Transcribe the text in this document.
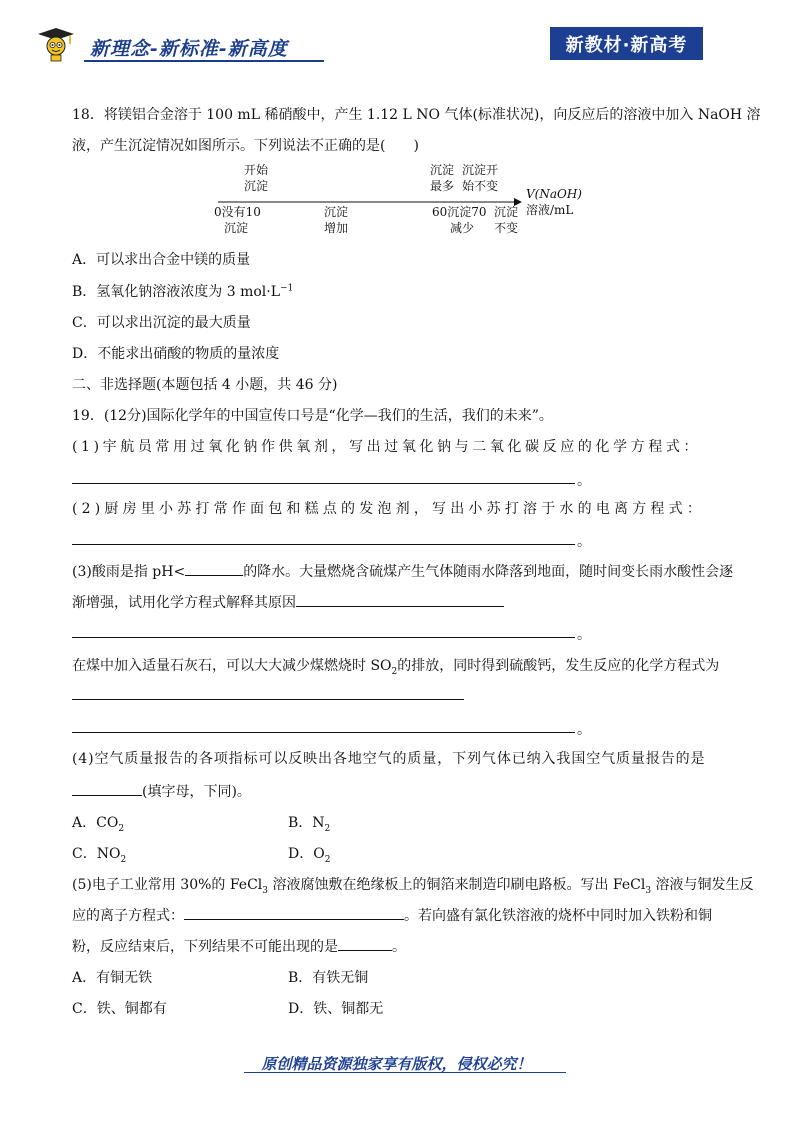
新理念-新标准-新高度	新教材·新高考
18．将镁铝合金溶于 100 mL 稀硝酸中，产生 1.12 L NO 气体(标准状况)，向反应后的溶液中加入 NaOH 溶
液，产生沉淀情况如图所示。下列说法不正确的是(　　)
开始
沉淀
沉淀
最多
沉淀开
始不变
V(NaOH)
溶液/mL
0没有10
沉淀
沉淀
增加
60沉淀70
减少
沉淀
不变
A．可以求出合金中镁的质量
B．氢氧化钠溶液浓度为 3 $mol\cdot L^{-1}$
C．可以求出沉淀的最大质量
D．不能求出硝酸的物质的量浓度
二、非选择题(本题包括 4 小题，共 46 分)
19．(12分)国际化学年的中国宣传口号是“化学—我们的生活，我们的未来”。
(1)宇航员常用过氧化钠作供氧剂，写出过氧化钠与二氧化碳反应的化学方程式：
。
(2)厨房里小苏打常作面包和糕点的发泡剂，写出小苏打溶于水的电离方程式：
。
(3)酸雨是指 pH<	的降水。大量燃烧含硫煤产生气体随雨水降落到地面，随时间变长雨水酸性会逐
渐增强，试用化学方程式解释其原因
。
在煤中加入适量石灰石，可以大大减少煤燃烧时 $SO_2$的排放，同时得到硫酸钙，发生反应的化学方程式为
。
(4)空气质量报告的各项指标可以反映出各地空气的质量，下列气体已纳入我国空气质量报告的是
(填字母，下同)。
A．$CO_2$	B．$N_2$
C．$NO_2$	D．$O_2$
(5)电子工业常用 30%的 FeCl$_3$ 溶液腐蚀敷在绝缘板上的铜箔来制造印刷电路板。写出 FeCl$_3$ 溶液与铜发生反
应的离子方程式：	。若向盛有氯化铁溶液的烧杯中同时加入铁粉和铜
粉，反应结束后，下列结果不可能出现的是	。
A．有铜无铁	B．有铁无铜
C．铁、铜都有	D．铁、铜都无
原创精品资源独家享有版权，侵权必究！
